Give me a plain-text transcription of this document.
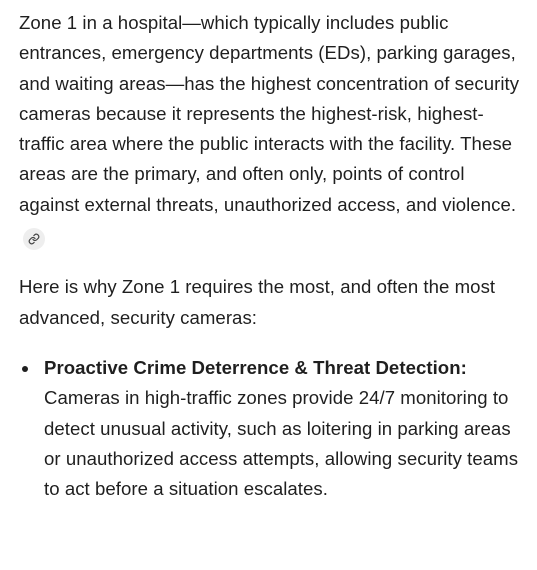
Zone 1 in a hospital—which typically includes public entrances, emergency departments (EDs), parking garages, and waiting areas—has the highest concentration of security cameras because it represents the highest-risk, highest-traffic area where the public interacts with the facility. These areas are the primary, and often only, points of control against external threats, unauthorized access, and violence.

Here is why Zone 1 requires the most, and often the most advanced, security cameras:

Proactive Crime Deterrence & Threat Detection: Cameras in high-traffic zones provide 24/7 monitoring to detect unusual activity, such as loitering in parking areas or unauthorized access attempts, allowing security teams to act before a situation escalates.
